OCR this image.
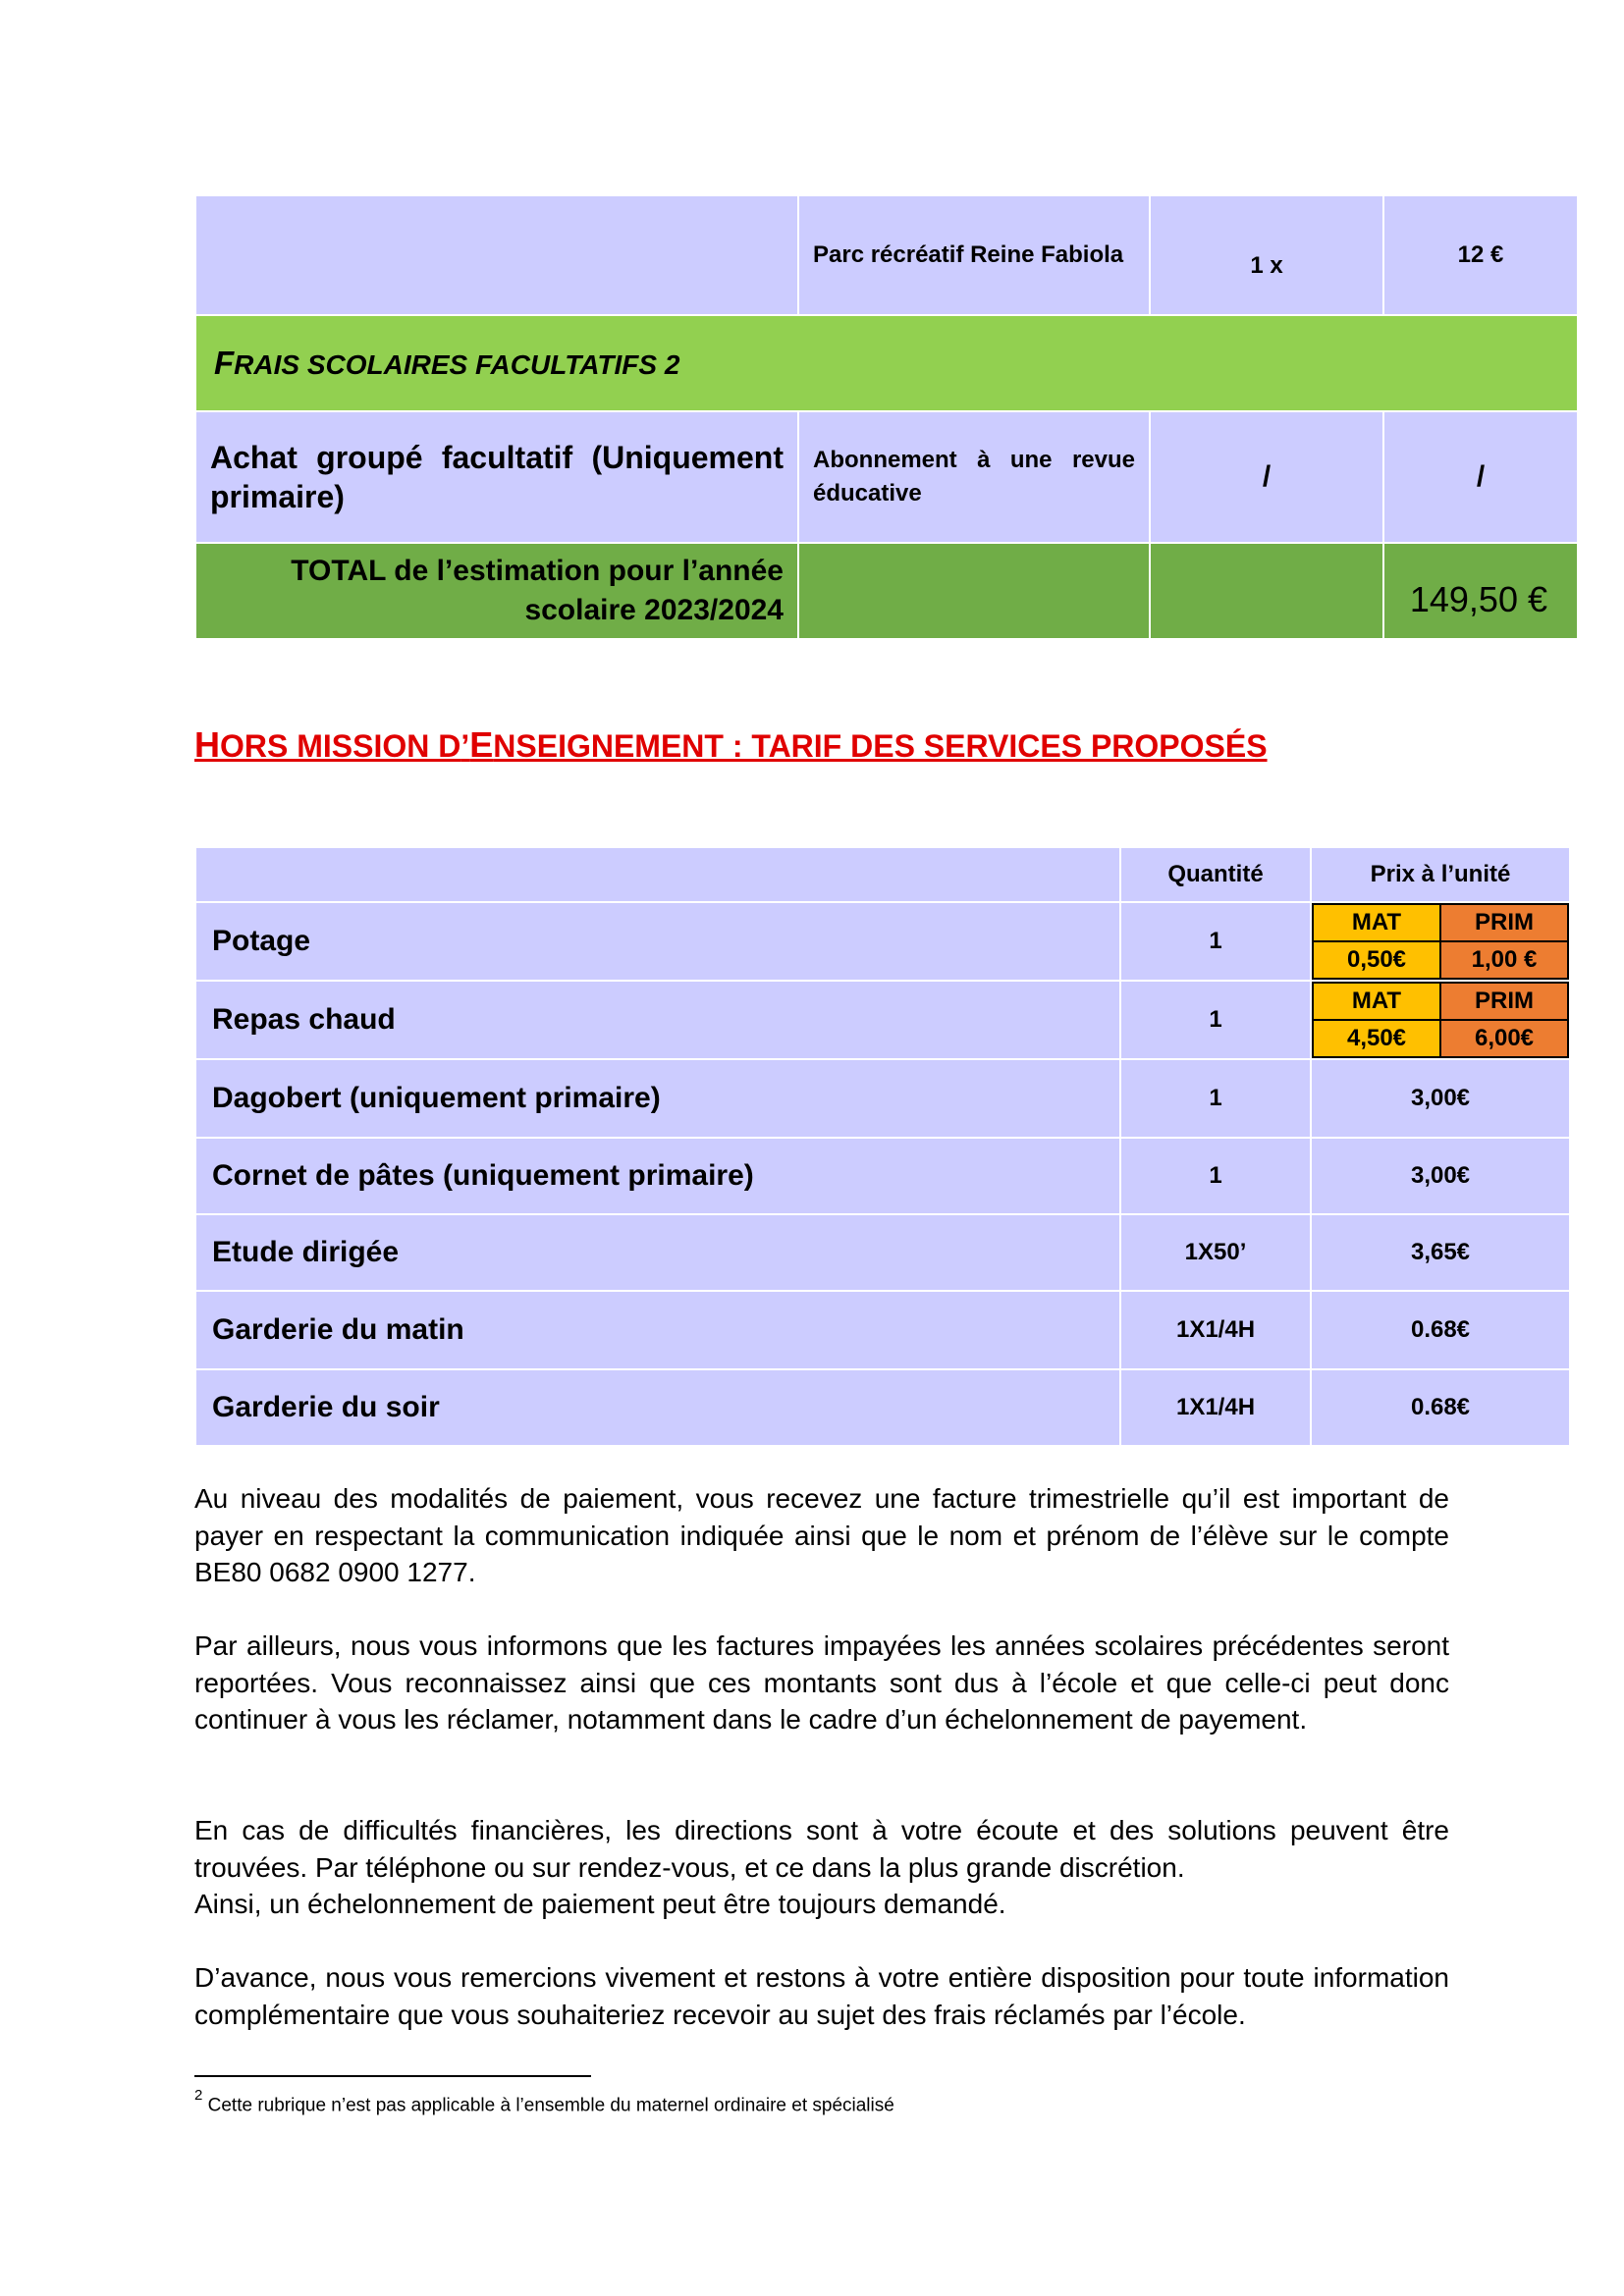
	Parc récréatif Reine Fabiola	1 x	12 €
FRAIS SCOLAIRES FACULTATIFS 2			
Achat groupé facultatif (Uniquement
primaire)	Abonnement à une revue éducative	/	/
TOTAL de l’estimation pour l’année
scolaire 2023/2024			149,50 €
HORS MISSION D’ENSEIGNEMENT : TARIF DES SERVICES PROPOSÉS
	Quantité	Prix à l’unité
Potage	1	
MAT	PRIM
0,50€	1,00 €

Repas chaud	1	
MAT	PRIM
4,50€	6,00€

Dagobert (uniquement primaire)	1	3,00€
Cornet de pâtes (uniquement primaire)	1	3,00€
Etude dirigée	1X50’	3,65€
Garderie du matin	1X1/4H	0.68€
Garderie du soir	1X1/4H	0.68€

Au niveau des modalités de paiement, vous recevez une facture trimestrielle qu’il est important de payer en respectant la communication indiquée ainsi que le nom et prénom de l’élève sur le compte BE80 0682 0900 1277.

Par ailleurs, nous vous informons que les factures impayées les années scolaires précédentes seront reportées. Vous reconnaissez ainsi que ces montants sont dus à l’école et que celle-ci peut donc continuer à vous les réclamer, notamment dans le cadre d’un échelonnement de payement.

En cas de difficultés financières, les directions sont à votre écoute et des solutions peuvent être trouvées. Par téléphone ou sur rendez-vous, et ce dans la plus grande discrétion.

Ainsi, un échelonnement de paiement peut être toujours demandé.

D’avance, nous vous remercions vivement et restons à votre entière disposition pour toute information complémentaire que vous souhaiteriez recevoir au sujet des frais réclamés par l’école.

$^2$ Cette rubrique n’est pas applicable à l’ensemble du maternel ordinaire et spécialisé
